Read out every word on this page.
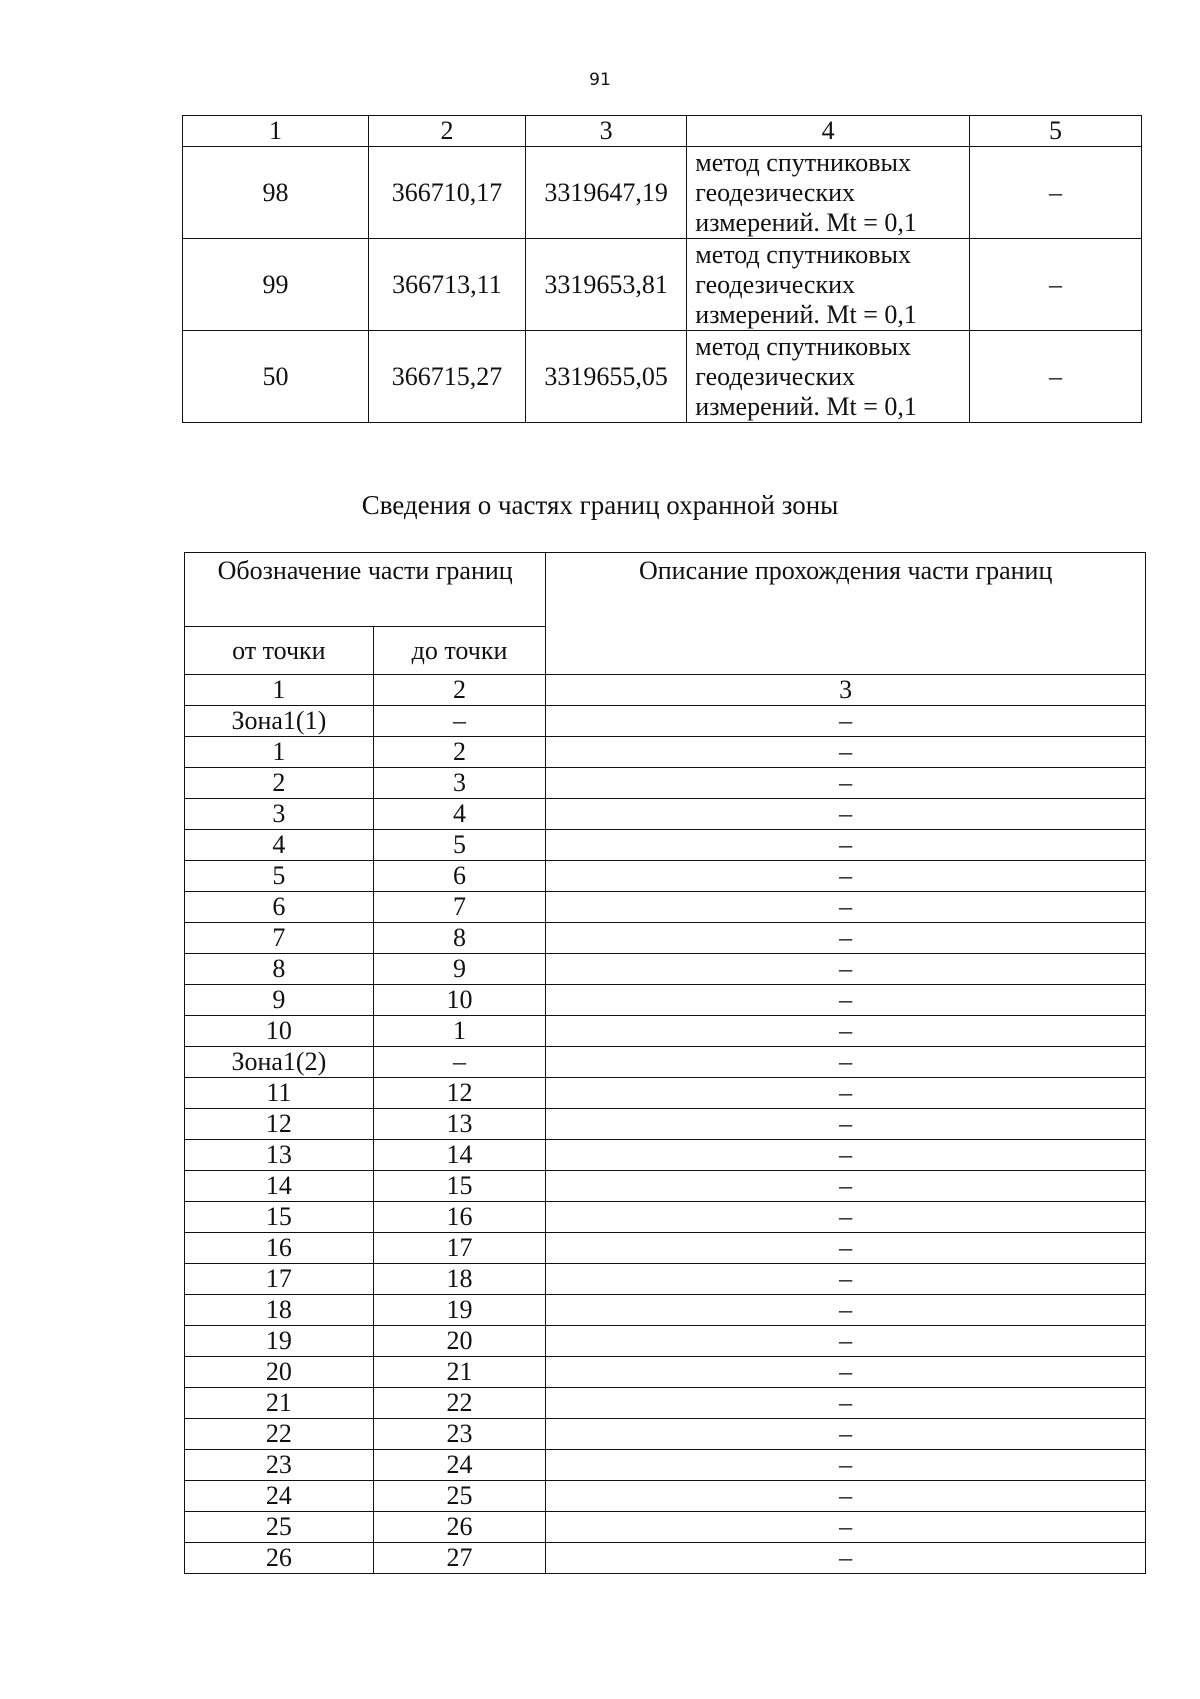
91
1	2	3	4	5
98	366710,17	3319647,19	метод спутниковых
геодезических
измерений. Mt = 0,1	–
99	366713,11	3319653,81	метод спутниковых
геодезических
измерений. Mt = 0,1	–
50	366715,27	3319655,05	метод спутниковых
геодезических
измерений. Mt = 0,1	–
Сведения о частях границ охранной зоны
Обозначение части границ		Описание прохождения части границ
от точки	до точки	
1	2	3
Зона1(1)	–	–
1	2	–
2	3	–
3	4	–
4	5	–
5	6	–
6	7	–
7	8	–
8	9	–
9	10	–
10	1	–
Зона1(2)	–	–
11	12	–
12	13	–
13	14	–
14	15	–
15	16	–
16	17	–
17	18	–
18	19	–
19	20	–
20	21	–
21	22	–
22	23	–
23	24	–
24	25	–
25	26	–
26	27	–
